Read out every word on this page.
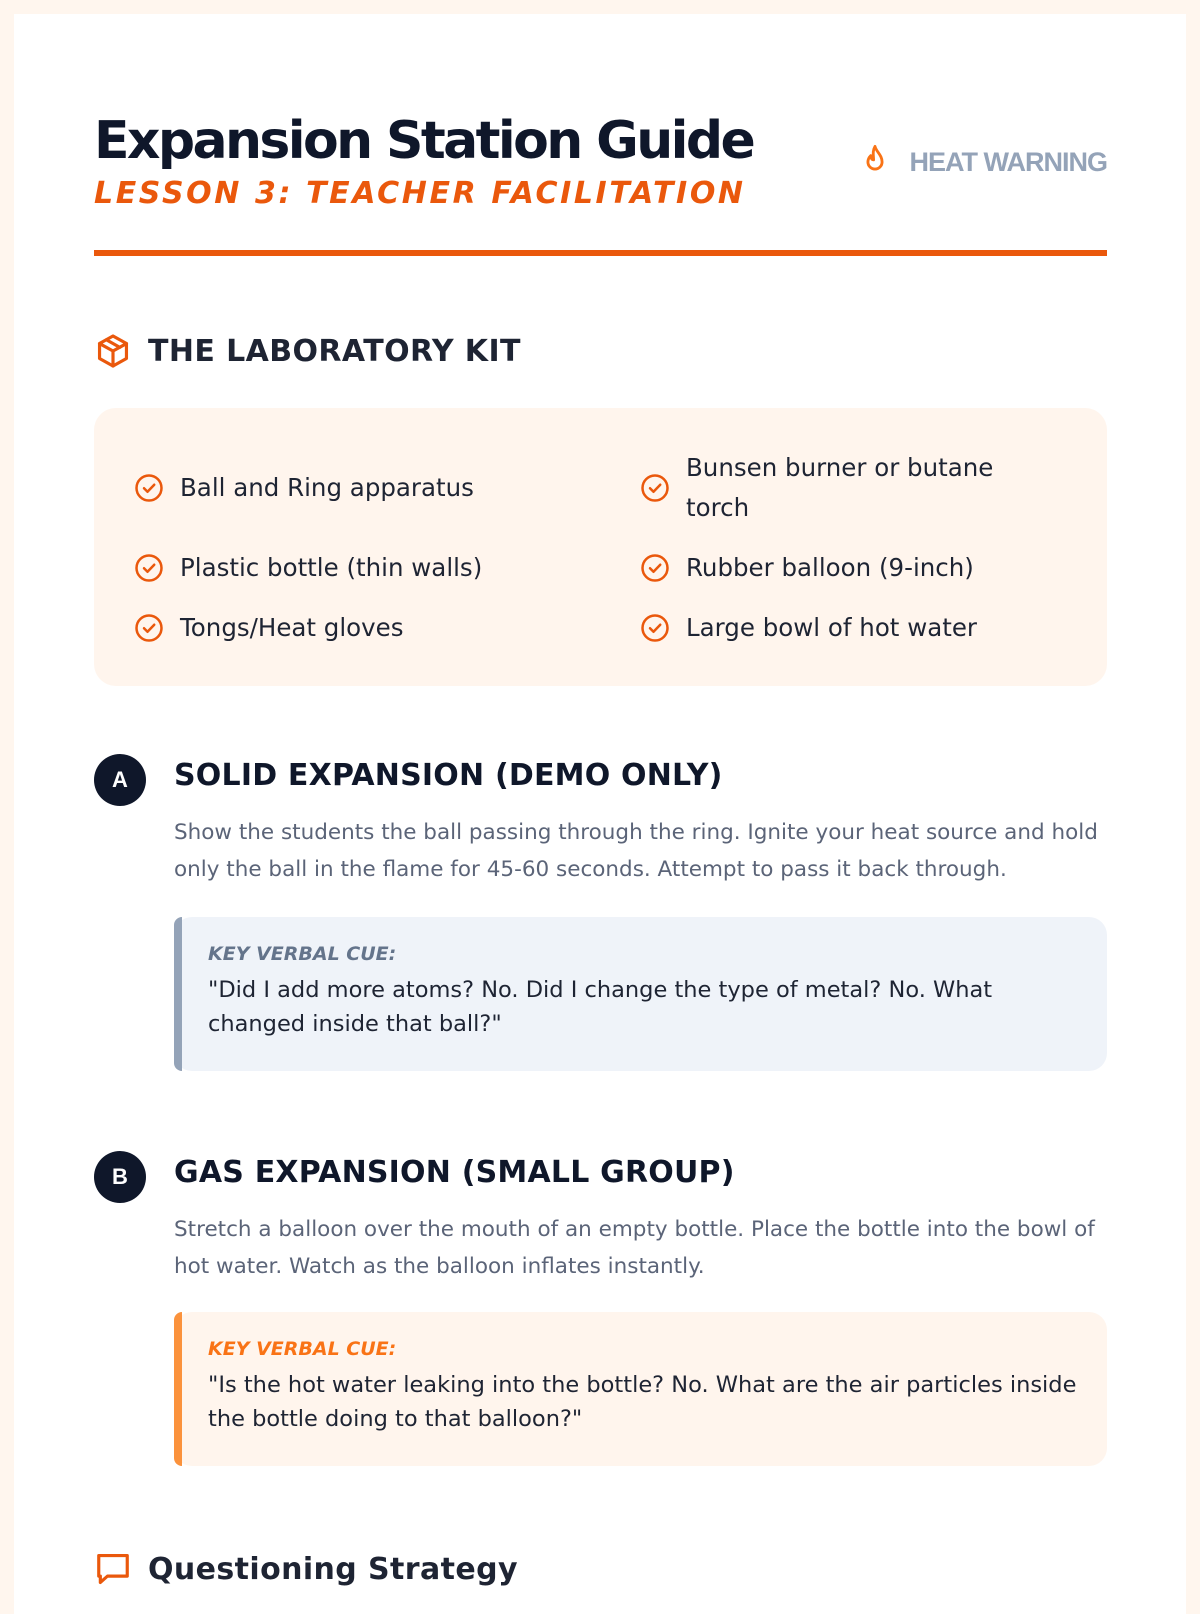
Expansion Station Guide

LESSON 3: TEACHER FACILITATION

HEAT WARNING
THE LABORATORY KIT
Ball and Ring apparatus
Bunsen burner or butane torch
Plastic bottle (thin walls)	Rubber balloon (9-inch)
Tongs/Heat gloves	Large bowl of hot water
A	SOLID EXPANSION (DEMO ONLY)

Show the students the ball passing through the ring. Ignite your heat source and hold only the ball in the flame for 45-60 seconds. Attempt to pass it back through.

KEY VERBAL CUE:
"Did I add more atoms? No. Did I change the type of metal? No. What changed inside that ball?"
B	GAS EXPANSION (SMALL GROUP)

Stretch a balloon over the mouth of an empty bottle. Place the bottle into the bowl of hot water. Watch as the balloon inflates instantly.

KEY VERBAL CUE:
"Is the hot water leaking into the bottle? No. What are the air particles inside the bottle doing to that balloon?"
Questioning Strategy
